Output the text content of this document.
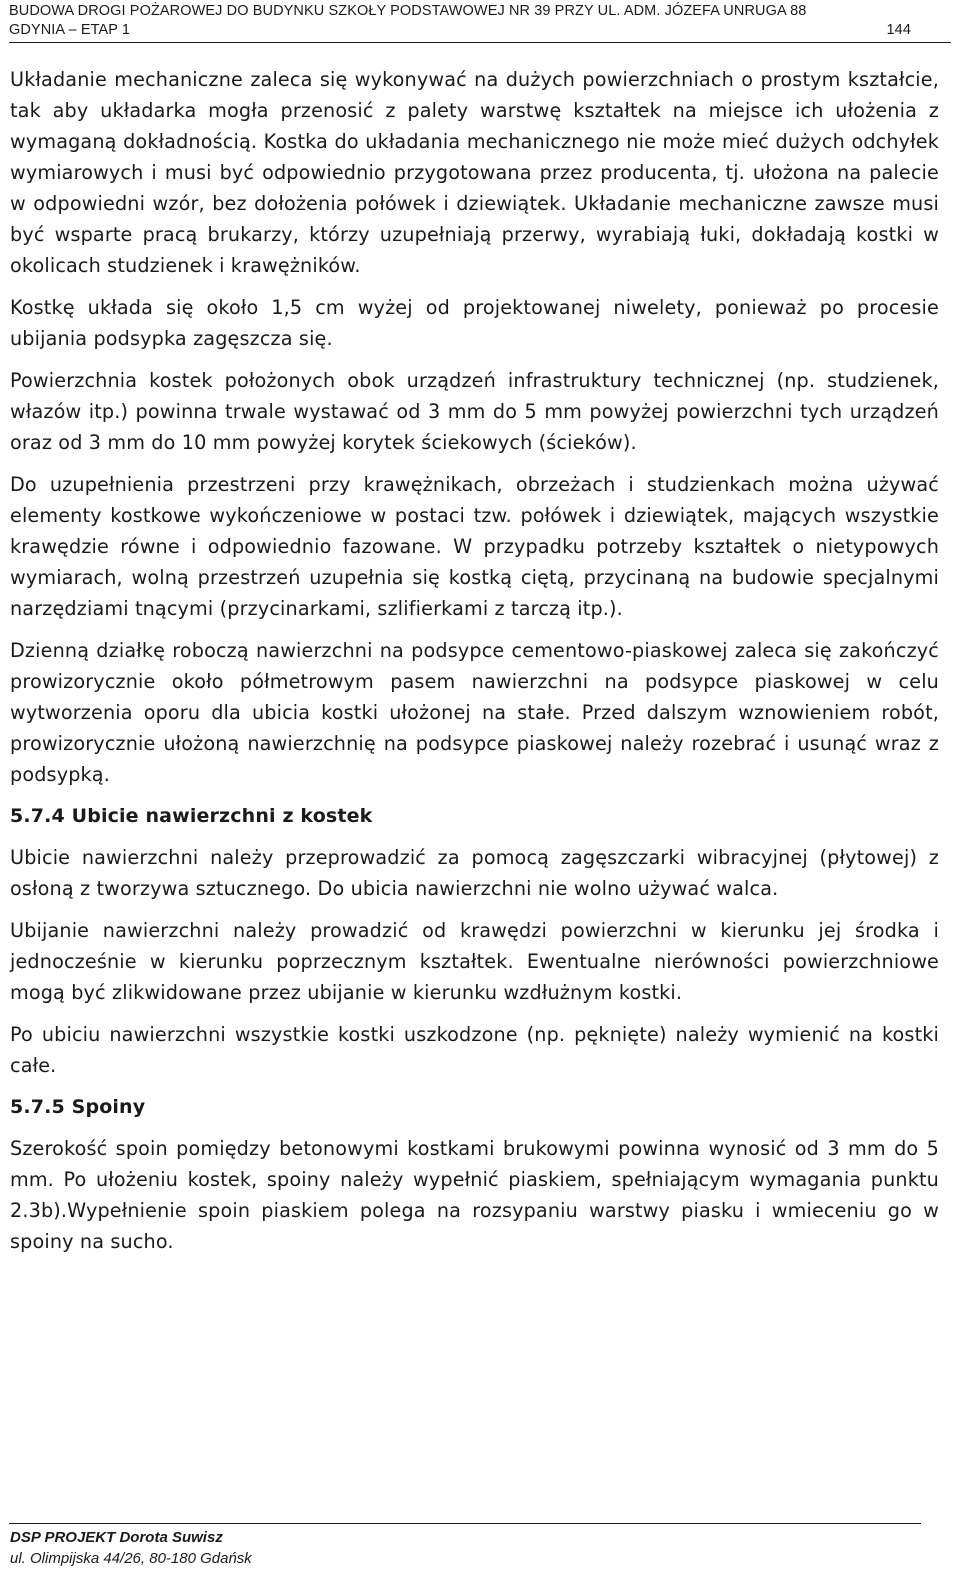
BUDOWA DROGI POŻAROWEJ DO BUDYNKU SZKOŁY PODSTAWOWEJ NR 39 PRZY UL. ADM. JÓZEFA UNRUGA 88
GDYNIA – ETAP 1	144

Układanie mechaniczne zaleca się wykonywać na dużych powierzchniach o prostym kształcie, tak aby układarka mogła przenosić z palety warstwę kształtek na miejsce ich ułożenia z wymaganą dokładnością. Kostka do układania mechanicznego nie może mieć dużych odchyłek wymiarowych i musi być odpowiednio przygotowana przez producenta, tj. ułożona na palecie w odpowiedni wzór, bez dołożenia połówek i dziewiątek. Układanie mechaniczne zawsze musi być wsparte pracą brukarzy, którzy uzupełniają przerwy, wyrabiają łuki, dokładają kostki w okolicach studzienek i krawężników.

Kostkę układa się około 1,5 cm wyżej od projektowanej niwelety, ponieważ po procesie ubijania podsypka zagęszcza się.

Powierzchnia kostek położonych obok urządzeń infrastruktury technicznej (np. studzienek, włazów itp.) powinna trwale wystawać od 3 mm do 5 mm powyżej powierzchni tych urządzeń oraz od 3 mm do 10 mm powyżej korytek ściekowych (ścieków).

Do uzupełnienia przestrzeni przy krawężnikach, obrzeżach i studzienkach można używać elementy kostkowe wykończeniowe w postaci tzw. połówek i dziewiątek, mających wszystkie krawędzie równe i odpowiednio fazowane. W przypadku potrzeby kształtek o nietypowych wymiarach, wolną przestrzeń uzupełnia się kostką ciętą, przycinaną na budowie specjalnymi narzędziami tnącymi (przycinarkami, szlifierkami z tarczą itp.).

Dzienną działkę roboczą nawierzchni na podsypce cementowo-piaskowej zaleca się zakończyć prowizorycznie około półmetrowym pasem nawierzchni na podsypce piaskowej w celu wytworzenia oporu dla ubicia kostki ułożonej na stałe. Przed dalszym wznowieniem robót, prowizorycznie ułożoną nawierzchnię na podsypce piaskowej należy rozebrać i usunąć wraz z podsypką.

5.7.4 Ubicie nawierzchni z kostek

Ubicie nawierzchni należy przeprowadzić za pomocą zagęszczarki wibracyjnej (płytowej) z osłoną z tworzywa sztucznego. Do ubicia nawierzchni nie wolno używać walca.

Ubijanie nawierzchni należy prowadzić od krawędzi powierzchni w kierunku jej środka i jednocześnie w kierunku poprzecznym kształtek. Ewentualne nierówności powierzchniowe mogą być zlikwidowane przez ubijanie w kierunku wzdłużnym kostki.

Po ubiciu nawierzchni wszystkie kostki uszkodzone (np. pęknięte) należy wymienić na kostki całe.

5.7.5 Spoiny

Szerokość spoin pomiędzy betonowymi kostkami brukowymi powinna wynosić od 3 mm do 5 mm. Po ułożeniu kostek, spoiny należy wypełnić piaskiem, spełniającym wymagania punktu 2.3b).Wypełnienie spoin piaskiem polega na rozsypaniu warstwy piasku i wmieceniu go w spoiny na sucho.

DSP PROJEKT Dorota Suwisz
ul. Olimpijska 44/26, 80-180 Gdańsk
